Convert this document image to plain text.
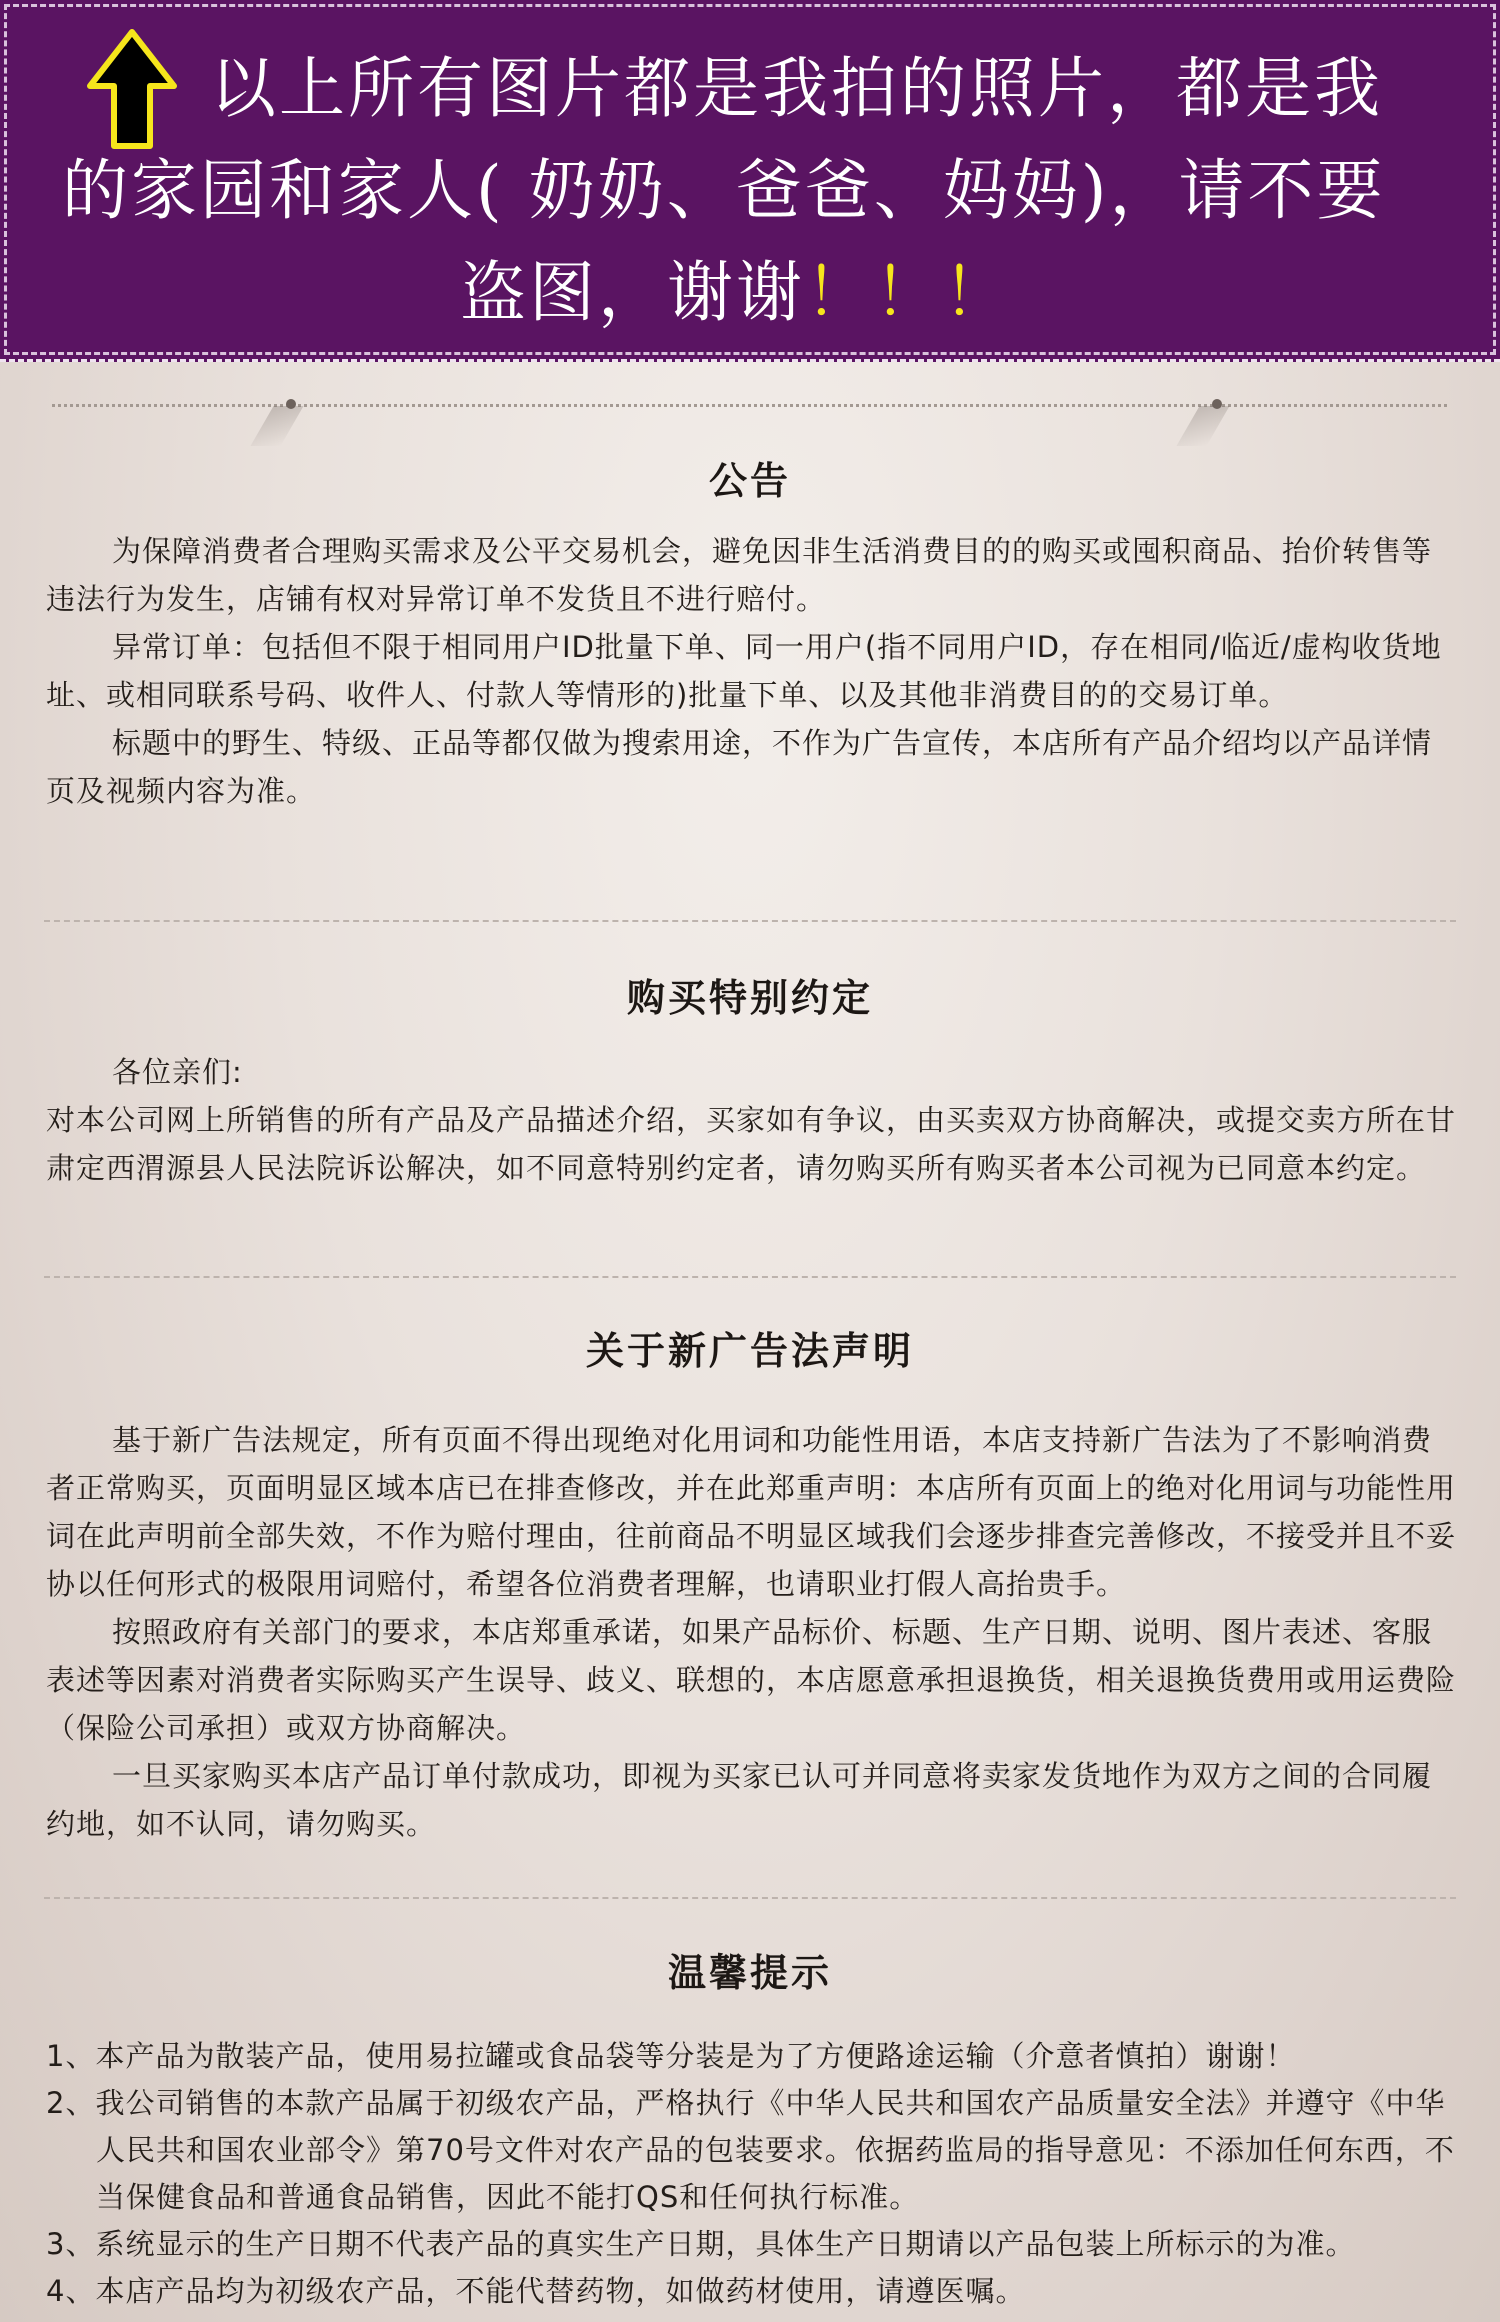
以上所有图片都是我拍的照片，都是我
的家园和家人( 奶奶、爸爸、妈妈)，请不要
盗图，谢谢！！！
公告

为保障消费者合理购买需求及公平交易机会，避免因非生活消费目的的购买或囤积商品、抬价转售等违法行为发生，店铺有权对异常订单不发货且不进行赔付。

异常订单：包括但不限于相同用户ID批量下单、同一用户(指不同用户ID，存在相同/临近/虚构收货地址、或相同联系号码、收件人、付款人等情形的)批量下单、以及其他非消费目的的交易订单。

标题中的野生、特级、正品等都仅做为搜索用途，不作为广告宣传，本店所有产品介绍均以产品详情页及视频内容为准。

购买特别约定

各位亲们:

对本公司网上所销售的所有产品及产品描述介绍，买家如有争议，由买卖双方协商解决，或提交卖方所在甘肃定西渭源县人民法院诉讼解决，如不同意特别约定者，请勿购买所有购买者本公司视为已同意本约定。

关于新广告法声明

基于新广告法规定，所有页面不得出现绝对化用词和功能性用语，本店支持新广告法为了不影响消费者正常购买，页面明显区域本店已在排查修改，并在此郑重声明：本店所有页面上的绝对化用词与功能性用词在此声明前全部失效，不作为赔付理由，往前商品不明显区域我们会逐步排查完善修改，不接受并且不妥协以任何形式的极限用词赔付，希望各位消费者理解，也请职业打假人高抬贵手。

按照政府有关部门的要求，本店郑重承诺，如果产品标价、标题、生产日期、说明、图片表述、客服表述等因素对消费者实际购买产生误导、歧义、联想的，本店愿意承担退换货，相关退换货费用或用运费险（保险公司承担）或双方协商解决。

一旦买家购买本店产品订单付款成功，即视为买家已认可并同意将卖家发货地作为双方之间的合同履约地，如不认同，请勿购买。

温馨提示

1、本产品为散装产品，使用易拉罐或食品袋等分装是为了方便路途运输（介意者慎拍）谢谢！

2、我公司销售的本款产品属于初级农产品，严格执行《中华人民共和国农产品质量安全法》并遵守《中华人民共和国农业部令》第70号文件对农产品的包装要求。依据药监局的指导意见：不添加任何东西，不当保健食品和普通食品销售，因此不能打QS和任何执行标准。

3、系统显示的生产日期不代表产品的真实生产日期，具体生产日期请以产品包装上所标示的为准。

4、本店产品均为初级农产品，不能代替药物，如做药材使用，请遵医嘱。
